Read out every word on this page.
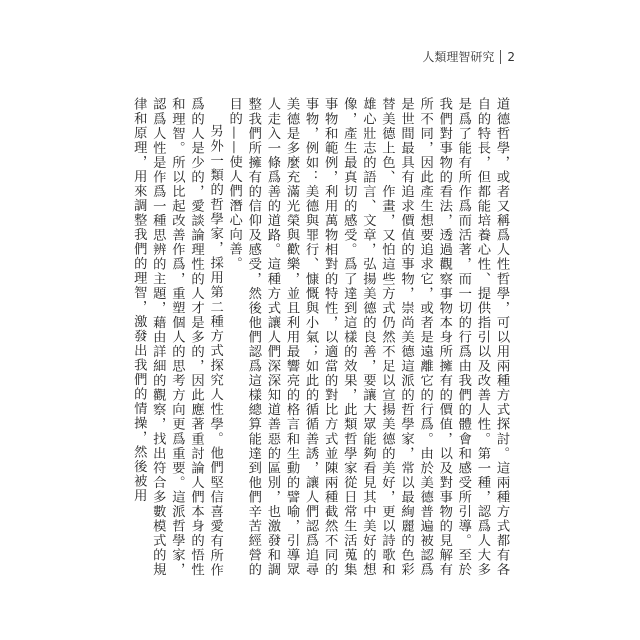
人類理智研究 2

道德哲學，或者又稱爲人性哲學，可以用兩種方式探討。這兩種方式都有各自的特長，但都能培養心性、提供指引以及改善人性。第一種，認爲人大多是爲了能有所作爲而活著，而一切的行爲由我們的體會和感受所引導。至於我們對事物的看法，透過觀察事物本身所擁有的價值，以及對事物的見解有所不同，因此產生想要追求它，或者是遠離它的行爲。由於美德普遍被認爲是世間最具有追求價值的事物，崇尚美德這派的哲學家，常以最絢麗的色彩替美德上色、作畫，又怕這些方式仍然不足以宣揚美德的美好，更以詩歌和雄心壯志的語言、文章，弘揚美德的良善，要讓大眾能夠看見其中美好的想像，產生最真切的感受。爲了達到這樣的效果，此類哲學家從日常生活蒐集事物和範例，利用萬物相對的特性，以適當的對比方式並陳兩種截然不同的事物，例如：美德與罪行、慷慨與小氣；如此的循循善誘，讓人們認爲追尋美德是多麼充滿光榮與歡樂，並且利用最響亮的格言和生動的譬喻，引導眾人走入一條爲善的道路。這種方式讓人們深深知道善惡的區別，也激發和調整我們所擁有的信仰及感受，然後他們認爲這樣總算能達到他們辛苦經營的目的——使人們潛心向善。

另外一類的哲學家，採用第二種方式探究人性學。他們堅信喜愛有所作爲的人是少的，愛談論理性的人才是多的，因此應著重討論人們本身的悟性和理智。所以比起改善作爲，重塑個人的思考方向更爲重要。這派哲學家，認爲人性是作爲一種思辨的主題，藉由詳細的觀察，找出符合多數模式的規律和原理，用來調整我們的理智，激發出我們的情操，然後被用
